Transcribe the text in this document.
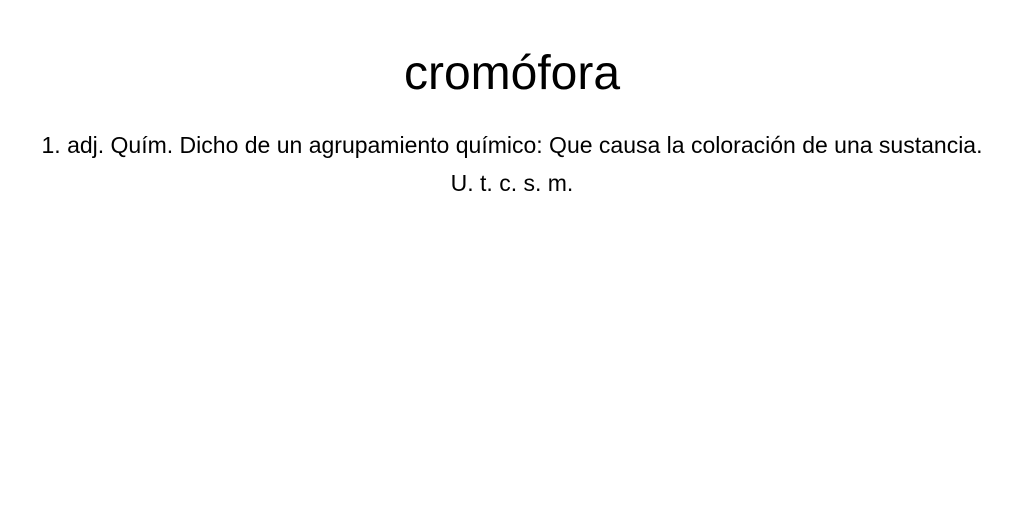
cromófora

1. adj. Quím. Dicho de un agrupamiento químico: Que causa la coloración de una sustancia. U. t. c. s. m.
